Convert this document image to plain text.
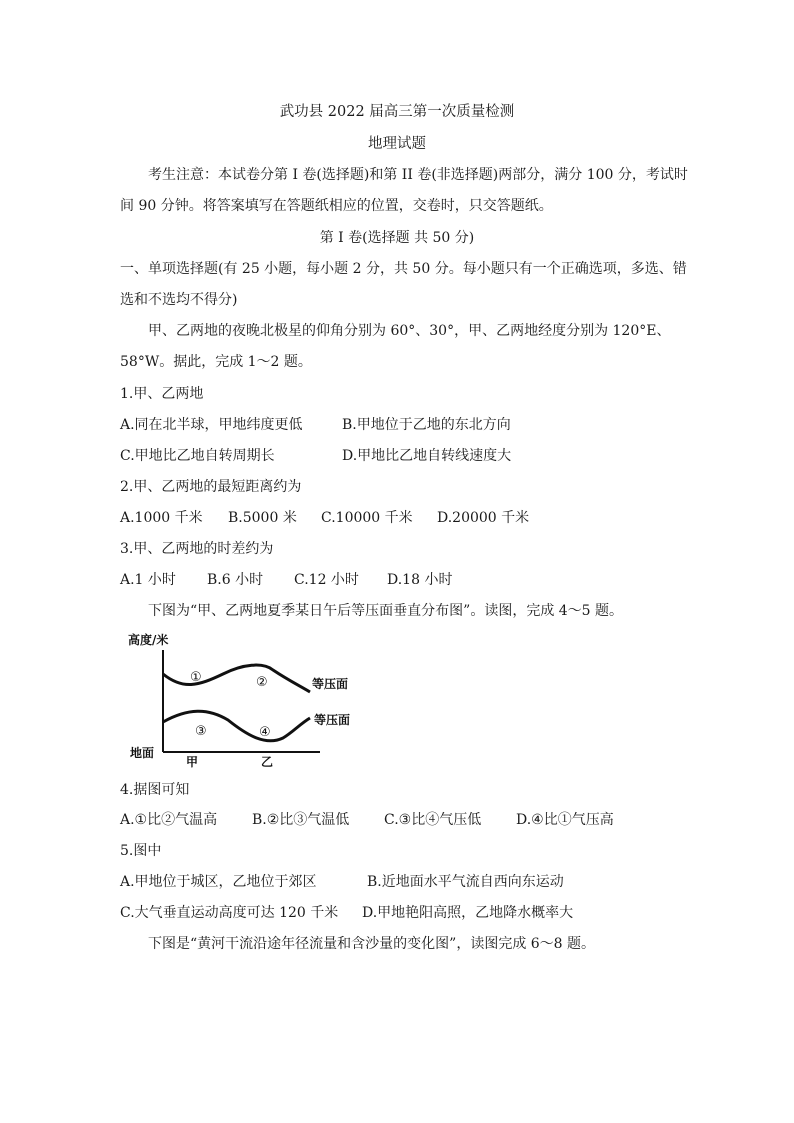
武功县 2022 届高三第一次质量检测
地理试题
考生注意：本试卷分第 I 卷(选择题)和第 II 卷(非选择题)两部分，满分 100 分，考试时
间 90 分钟。将答案填写在答题纸相应的位置，交卷时，只交答题纸。
第 I 卷(选择题 共 50 分)
一、单项选择题(有 25 小题，每小题 2 分，共 50 分。每小题只有一个正确选项，多选、错
选和不选均不得分)
甲、乙两地的夜晚北极星的仰角分别为 60°、30°，甲、乙两地经度分别为 120°E、
58°W。据此，完成 1～2 题。
1.甲、乙两地
A.同在北半球，甲地纬度更低	B.甲地位于乙地的东北方向
C.甲地比乙地自转周期长	D.甲地比乙地自转线速度大
2.甲、乙两地的最短距离约为
A.1000 千米 B.5000 米 C.10000 千米 D.20000 千米
3.甲、乙两地的时差约为
A.1 小时 B.6 小时 C.12 小时 D.18 小时
下图为“甲、乙两地夏季某日午后等压面垂直分布图”。读图，完成 4～5 题。
高度/米
①	②
③	④
等压面
等压面
地面
甲	乙
4.据图可知
A.①比②气温高 B.②比③气温低 C.③比④气压低 D.④比①气压高
5.图中
A.甲地位于城区，乙地位于郊区	B.近地面水平气流自西向东运动
C.大气垂直运动高度可达 120 千米 D.甲地艳阳高照，乙地降水概率大
下图是“黄河干流沿途年径流量和含沙量的变化图”，读图完成 6～8 题。
